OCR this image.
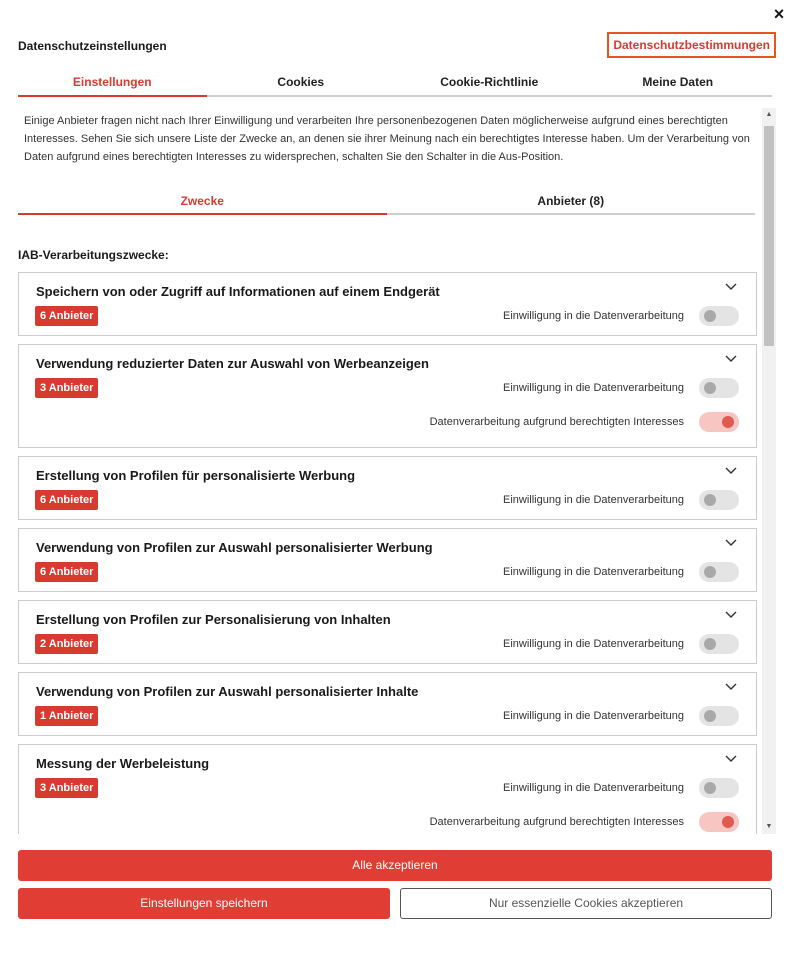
×
Datenschutzeinstellungen	Datenschutzbestimmungen
Einstellungen	Cookies	Cookie-Richtlinie	Meine Daten
Einige Anbieter fragen nicht nach Ihrer Einwilligung und verarbeiten Ihre personenbezogenen Daten möglicherweise aufgrund eines berechtigten Interesses. Sehen Sie sich unsere Liste der Zwecke an, an denen sie ihrer Meinung nach ein berechtigtes Interesse haben. Um der Verarbeitung von Daten aufgrund eines berechtigten Interesses zu widersprechen, schalten Sie den Schalter in die Aus-Position.
Zwecke	Anbieter (8)
IAB-Verarbeitungszwecke:
Speichern von oder Zugriff auf Informationen auf einem Endgerät
6 Anbieter	Einwilligung in die Datenverarbeitung
Verwendung reduzierter Daten zur Auswahl von Werbeanzeigen
3 Anbieter	Einwilligung in die Datenverarbeitung
Datenverarbeitung aufgrund berechtigten Interesses
Erstellung von Profilen für personalisierte Werbung
6 Anbieter	Einwilligung in die Datenverarbeitung
Verwendung von Profilen zur Auswahl personalisierter Werbung
6 Anbieter	Einwilligung in die Datenverarbeitung
Erstellung von Profilen zur Personalisierung von Inhalten
2 Anbieter	Einwilligung in die Datenverarbeitung
Verwendung von Profilen zur Auswahl personalisierter Inhalte
1 Anbieter	Einwilligung in die Datenverarbeitung
Messung der Werbeleistung
3 Anbieter	Einwilligung in die Datenverarbeitung
Datenverarbeitung aufgrund berechtigten Interesses
▲
▼
Alle akzeptieren
Einstellungen speichern	Nur essenzielle Cookies akzeptieren
